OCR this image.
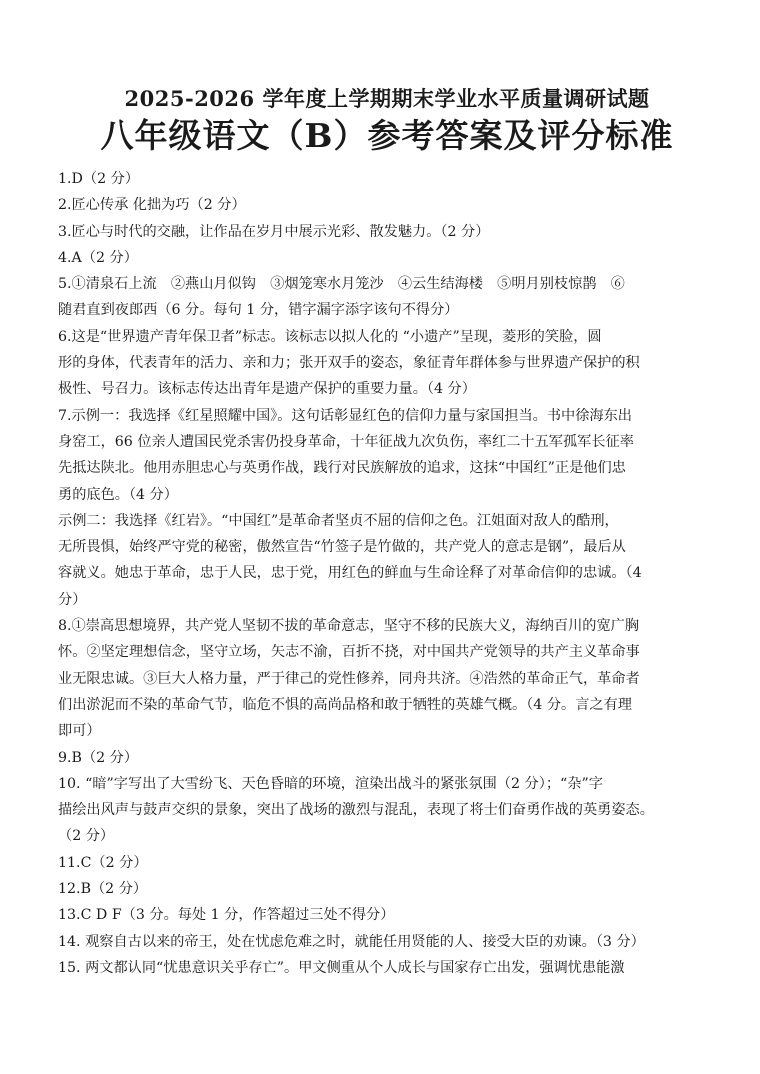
2025-2026 学年度上学期期末学业水平质量调研试题
八年级语文（B）参考答案及评分标准
1.D（2 分）
2.匠心传承 化拙为巧（2 分）
3.匠心与时代的交融，让作品在岁月中展示光彩、散发魅力。（2 分）
4.A（2 分）
5.①清泉石上流　②燕山月似钩　③烟笼寒水月笼沙　④云生结海楼　⑤明月别枝惊鹊　⑥
随君直到夜郎西（6 分。每句 1 分，错字漏字添字该句不得分）
6.这是“世界遗产青年保卫者”标志。该标志以拟人化的 “小遗产”呈现，菱形的笑脸，圆
形的身体，代表青年的活力、亲和力；张开双手的姿态，象征青年群体参与世界遗产保护的积
极性、号召力。该标志传达出青年是遗产保护的重要力量。（4 分）
7.示例一：我选择《红星照耀中国》。这句话彰显红色的信仰力量与家国担当。书中徐海东出
身窑工，66 位亲人遭国民党杀害仍投身革命，十年征战九次负伤，率红二十五军孤军长征率
先抵达陕北。他用赤胆忠心与英勇作战，践行对民族解放的追求，这抹“中国红”正是他们忠
勇的底色。（4 分）
示例二：我选择《红岩》。“中国红”是革命者坚贞不屈的信仰之色。江姐面对敌人的酷刑，
无所畏惧，始终严守党的秘密，傲然宣告“竹签子是竹做的，共产党人的意志是钢”，最后从
容就义。她忠于革命，忠于人民，忠于党，用红色的鲜血与生命诠释了对革命信仰的忠诚。（4
分）
8.①崇高思想境界，共产党人坚韧不拔的革命意志，坚守不移的民族大义，海纳百川的宽广胸
怀。②坚定理想信念，坚守立场，矢志不渝，百折不挠，对中国共产党领导的共产主义革命事
业无限忠诚。③巨大人格力量，严于律己的党性修养，同舟共济。④浩然的革命正气，革命者
们出淤泥而不染的革命气节，临危不惧的高尚品格和敢于牺牲的英雄气概。（4 分。言之有理
即可）
9.B（2 分）
10. “暗”字写出了大雪纷飞、天色昏暗的环境，渲染出战斗的紧张氛围（2 分）；“杂”字
描绘出风声与鼓声交织的景象，突出了战场的激烈与混乱，表现了将士们奋勇作战的英勇姿态。
（2 分）
11.C（2 分）
12.B（2 分）
13.C D F（3 分。每处 1 分，作答超过三处不得分）
14. 观察自古以来的帝王，处在忧虑危难之时，就能任用贤能的人、接受大臣的劝谏。（3 分）
15. 两文都认同“忧患意识关乎存亡”。甲文侧重从个人成长与国家存亡出发，强调忧患能激
